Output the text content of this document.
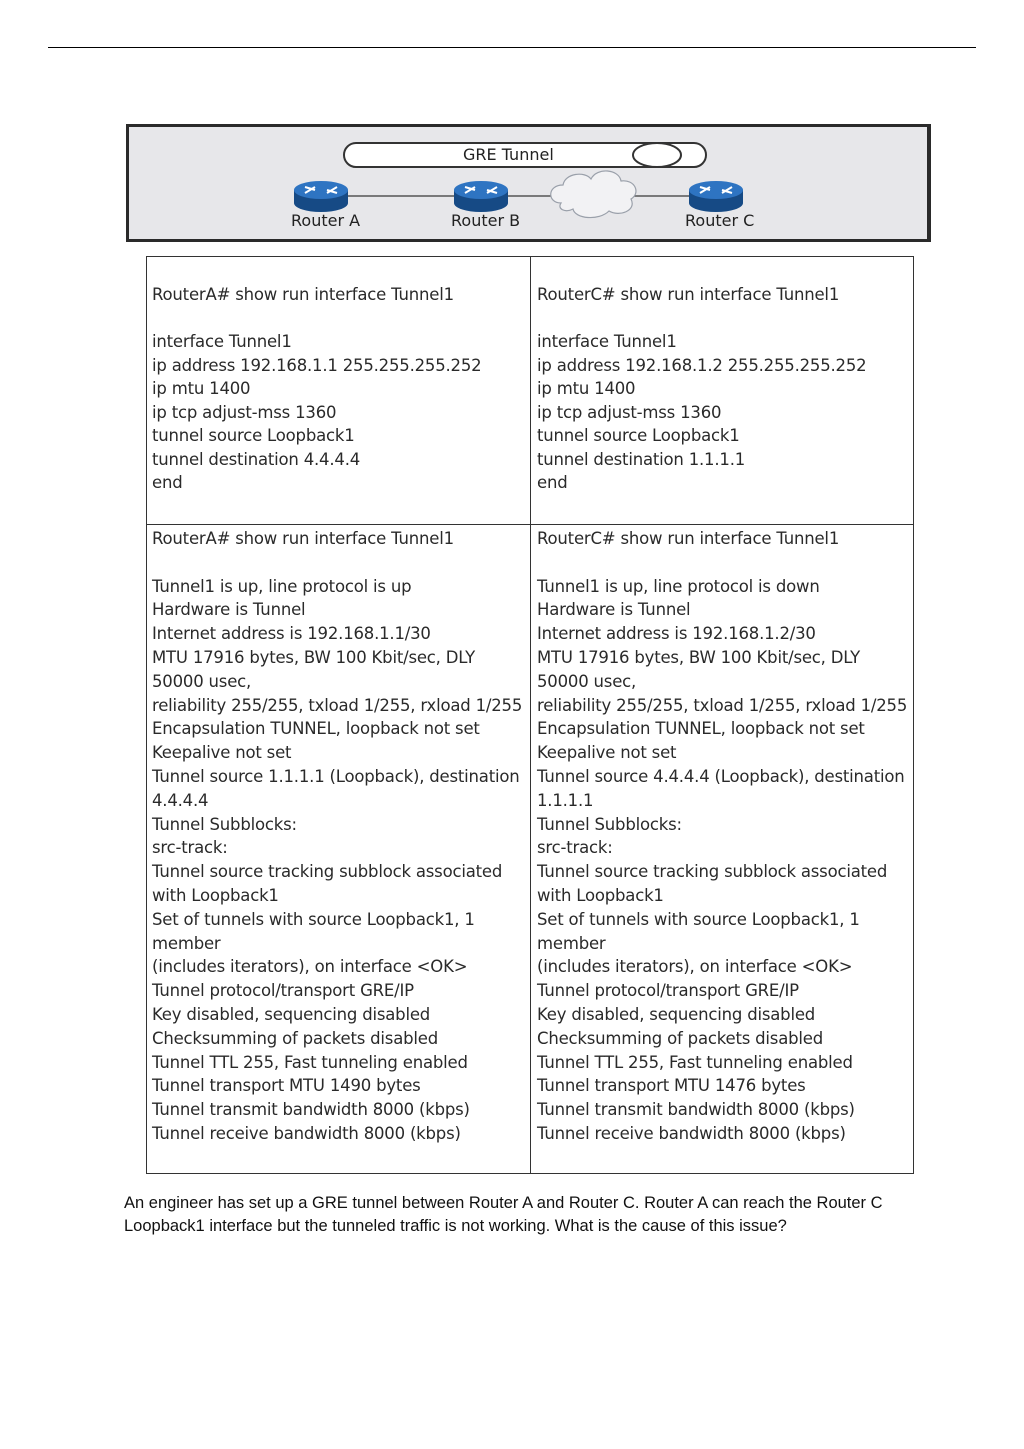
GRE Tunnel
Router A	Router B	Router C
RouterA# show run interface Tunnel1
interface Tunnel1
ip address 192.168.1.1 255.255.255.252
ip mtu 1400
ip tcp adjust-mss 1360
tunnel source Loopback1
tunnel destination 4.4.4.4
end
RouterC# show run interface Tunnel1
interface Tunnel1
ip address 192.168.1.2 255.255.255.252
ip mtu 1400
ip tcp adjust-mss 1360
tunnel source Loopback1
tunnel destination 1.1.1.1
end
RouterA# show run interface Tunnel1
Tunnel1 is up, line protocol is up
Hardware is Tunnel
Internet address is 192.168.1.1/30
MTU 17916 bytes, BW 100 Kbit/sec, DLY
50000 usec,
reliability 255/255, txload 1/255, rxload 1/255
Encapsulation TUNNEL, loopback not set
Keepalive not set
Tunnel source 1.1.1.1 (Loopback), destination
4.4.4.4
Tunnel Subblocks:
src-track:
Tunnel source tracking subblock associated
with Loopback1
Set of tunnels with source Loopback1, 1
member
(includes iterators), on interface <OK>
Tunnel protocol/transport GRE/IP
Key disabled, sequencing disabled
Checksumming of packets disabled
Tunnel TTL 255, Fast tunneling enabled
Tunnel transport MTU 1490 bytes
Tunnel transmit bandwidth 8000 (kbps)
Tunnel receive bandwidth 8000 (kbps)
RouterC# show run interface Tunnel1
Tunnel1 is up, line protocol is down
Hardware is Tunnel
Internet address is 192.168.1.2/30
MTU 17916 bytes, BW 100 Kbit/sec, DLY
50000 usec,
reliability 255/255, txload 1/255, rxload 1/255
Encapsulation TUNNEL, loopback not set
Keepalive not set
Tunnel source 4.4.4.4 (Loopback), destination
1.1.1.1
Tunnel Subblocks:
src-track:
Tunnel source tracking subblock associated
with Loopback1
Set of tunnels with source Loopback1, 1
member
(includes iterators), on interface <OK>
Tunnel protocol/transport GRE/IP
Key disabled, sequencing disabled
Checksumming of packets disabled
Tunnel TTL 255, Fast tunneling enabled
Tunnel transport MTU 1476 bytes
Tunnel transmit bandwidth 8000 (kbps)
Tunnel receive bandwidth 8000 (kbps)

An engineer has set up a GRE tunnel between Router A and Router C. Router A can reach the Router C

Loopback1 interface but the tunneled traffic is not working. What is the cause of this issue?
